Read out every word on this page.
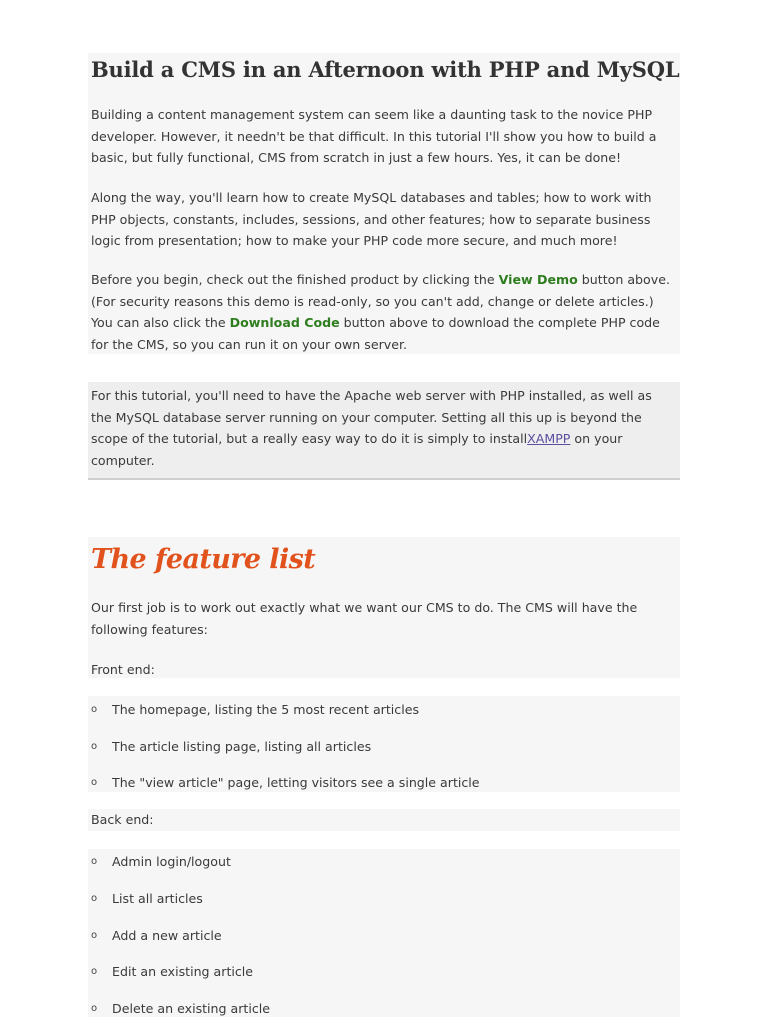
Build a CMS in an Afternoon with PHP and MySQL

Building a content management system can seem like a daunting task to the novice PHP developer. However, it needn't be that difficult. In this tutorial I'll show you how to build a basic, but fully functional, CMS from scratch in just a few hours. Yes, it can be done!

Along the way, you'll learn how to create MySQL databases and tables; how to work with PHP objects, constants, includes, sessions, and other features; how to separate business logic from presentation; how to make your PHP code more secure, and much more!

Before you begin, check out the finished product by clicking the View Demo button above. (For security reasons this demo is read-only, so you can't add, change or delete articles.) You can also click the Download Code button above to download the complete PHP code for the CMS, so you can run it on your own server.

For this tutorial, you'll need to have the Apache web server with PHP installed, as well as the MySQL database server running on your computer. Setting all this up is beyond the scope of the tutorial, but a really easy way to do it is simply to installXAMPP on your computer.

The feature list

Our first job is to work out exactly what we want our CMS to do. The CMS will have the following features:

Front end:

o The homepage, listing the 5 most recent articles
o The article listing page, listing all articles
o The "view article" page, letting visitors see a single article

Back end:

o Admin login/logout
o List all articles
o Add a new article
o Edit an existing article
o Delete an existing article
